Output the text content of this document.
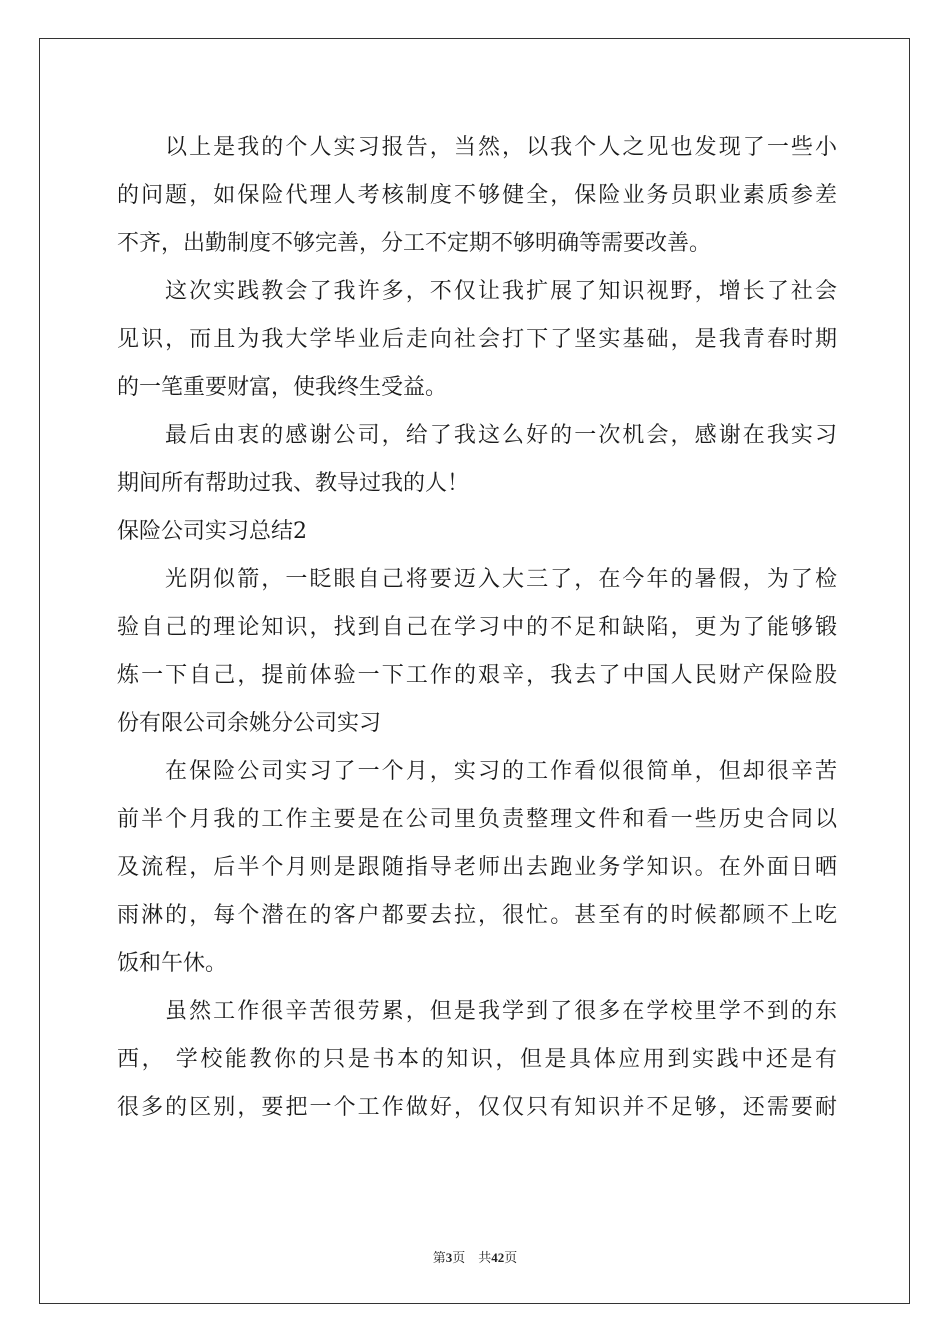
以上是我的个人实习报告，当然，以我个人之见也发现了一些小
的问题，如保险代理人考核制度不够健全，保险业务员职业素质参差
不齐，出勤制度不够完善，分工不定期不够明确等需要改善。
这次实践教会了我许多，不仅让我扩展了知识视野，增长了社会
见识，而且为我大学毕业后走向社会打下了坚实基础，是我青春时期
的一笔重要财富，使我终生受益。
最后由衷的感谢公司，给了我这么好的一次机会，感谢在我实习
期间所有帮助过我、教导过我的人！
保险公司实习总结2
光阴似箭，一眨眼自己将要迈入大三了，在今年的暑假，为了检
验自己的理论知识，找到自己在学习中的不足和缺陷，更为了能够锻
炼一下自己，提前体验一下工作的艰辛，我去了中国人民财产保险股
份有限公司余姚分公司实习
在保险公司实习了一个月，实习的工作看似很简单，但却很辛苦
前半个月我的工作主要是在公司里负责整理文件和看一些历史合同以
及流程，后半个月则是跟随指导老师出去跑业务学知识。在外面日晒
雨淋的，每个潜在的客户都要去拉，很忙。甚至有的时候都顾不上吃
饭和午休。
虽然工作很辛苦很劳累，但是我学到了很多在学校里学不到的东
西， 学校能教你的只是书本的知识，但是具体应用到实践中还是有
很多的区别，要把一个工作做好，仅仅只有知识并不足够，还需要耐
第3页　共42页
